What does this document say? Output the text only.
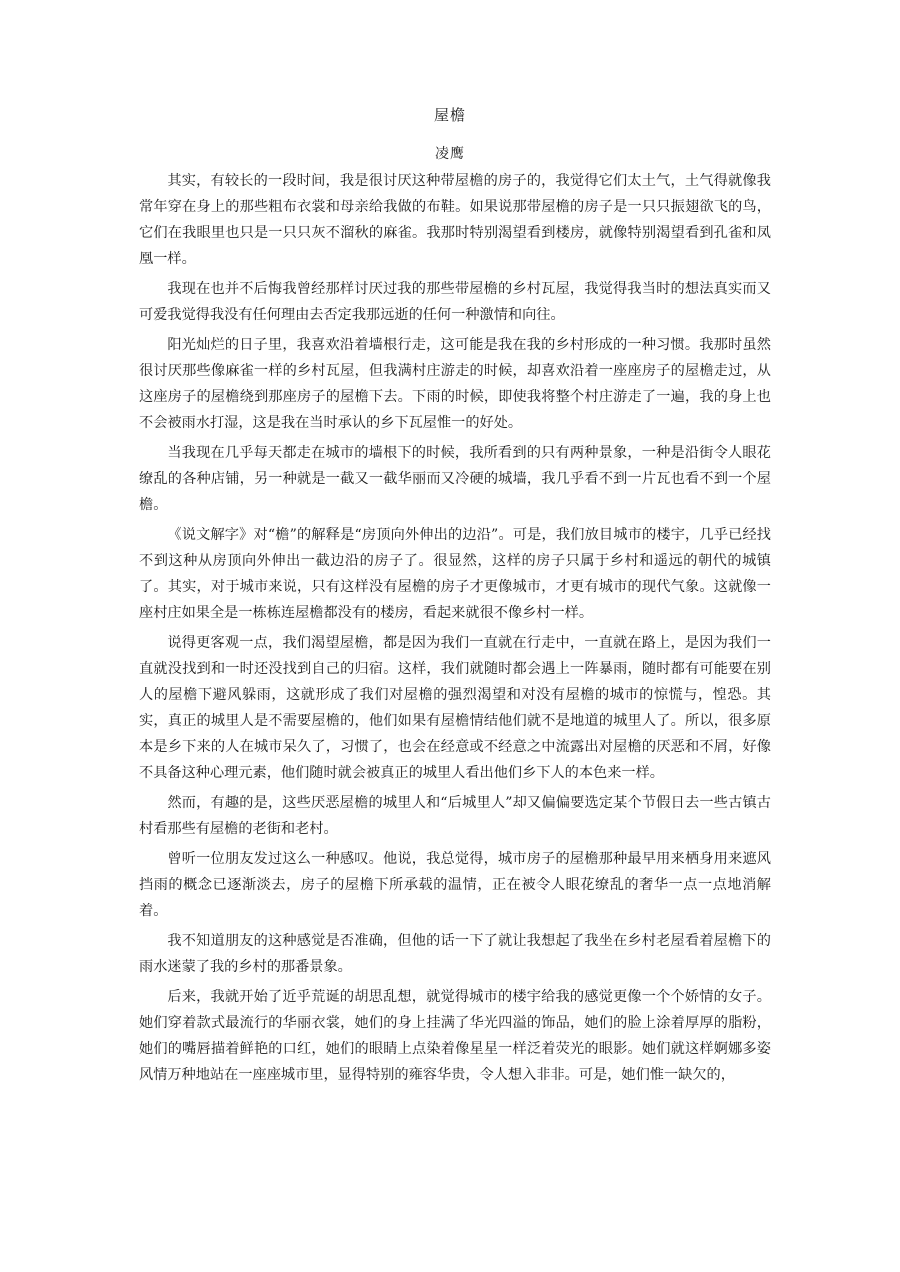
屋檐
凌鹰

其实，有较长的一段时间，我是很讨厌这种带屋檐的房子的，我觉得它们太土气，土气得就像我常年穿在身上的那些粗布衣裳和母亲给我做的布鞋。如果说那带屋檐的房子是一只只振翅欲飞的鸟，它们在我眼里也只是一只只灰不溜秋的麻雀。我那时特别渴望看到楼房，就像特别渴望看到孔雀和凤凰一样。

我现在也并不后悔我曾经那样讨厌过我的那些带屋檐的乡村瓦屋，我觉得我当时的想法真实而又可爱我觉得我没有任何理由去否定我那远逝的任何一种激情和向往。

阳光灿烂的日子里，我喜欢沿着墙根行走，这可能是我在我的乡村形成的一种习惯。我那时虽然很讨厌那些像麻雀一样的乡村瓦屋，但我满村庄游走的时候，却喜欢沿着一座座房子的屋檐走过，从这座房子的屋檐绕到那座房子的屋檐下去。下雨的时候，即使我将整个村庄游走了一遍，我的身上也不会被雨水打湿，这是我在当时承认的乡下瓦屋惟一的好处。

当我现在几乎每天都走在城市的墙根下的时候，我所看到的只有两种景象，一种是沿街令人眼花缭乱的各种店铺，另一种就是一截又一截华丽而又冷硬的城墙，我几乎看不到一片瓦也看不到一个屋檐。

《说文解字》对“檐”的解释是“房顶向外伸出的边沿”。可是，我们放目城市的楼宇，几乎已经找不到这种从房顶向外伸出一截边沿的房子了。很显然，这样的房子只属于乡村和遥远的朝代的城镇了。其实，对于城市来说，只有这样没有屋檐的房子才更像城市，才更有城市的现代气象。这就像一座村庄如果全是一栋栋连屋檐都没有的楼房，看起来就很不像乡村一样。

说得更客观一点，我们渴望屋檐，都是因为我们一直就在行走中，一直就在路上，是因为我们一直就没找到和一时还没找到自己的归宿。这样，我们就随时都会遇上一阵暴雨，随时都有可能要在别人的屋檐下避风躲雨，这就形成了我们对屋檐的强烈渴望和对没有屋檐的城市的惊慌与，惶恐。其实，真正的城里人是不需要屋檐的，他们如果有屋檐情结他们就不是地道的城里人了。所以，很多原本是乡下来的人在城市呆久了，习惯了，也会在经意或不经意之中流露出对屋檐的厌恶和不屑，好像不具备这种心理元素，他们随时就会被真正的城里人看出他们乡下人的本色来一样。

然而，有趣的是，这些厌恶屋檐的城里人和“后城里人”却又偏偏要选定某个节假日去一些古镇古村看那些有屋檐的老街和老村。

曾听一位朋友发过这么一种感叹。他说，我总觉得，城市房子的屋檐那种最早用来栖身用来遮风挡雨的概念已逐渐淡去，房子的屋檐下所承载的温情，正在被令人眼花缭乱的奢华一点一点地消解着。

我不知道朋友的这种感觉是否准确，但他的话一下了就让我想起了我坐在乡村老屋看着屋檐下的雨水迷蒙了我的乡村的那番景象。

后来，我就开始了近乎荒诞的胡思乱想，就觉得城市的楼宇给我的感觉更像一个个娇情的女子。她们穿着款式最流行的华丽衣裳，她们的身上挂满了华光四溢的饰品，她们的脸上涂着厚厚的脂粉，她们的嘴唇描着鲜艳的口红，她们的眼睛上点染着像星星一样泛着荧光的眼影。她们就这样婀娜多姿风情万种地站在一座座城市里，显得特别的雍容华贵，令人想入非非。可是，她们惟一缺欠的，
